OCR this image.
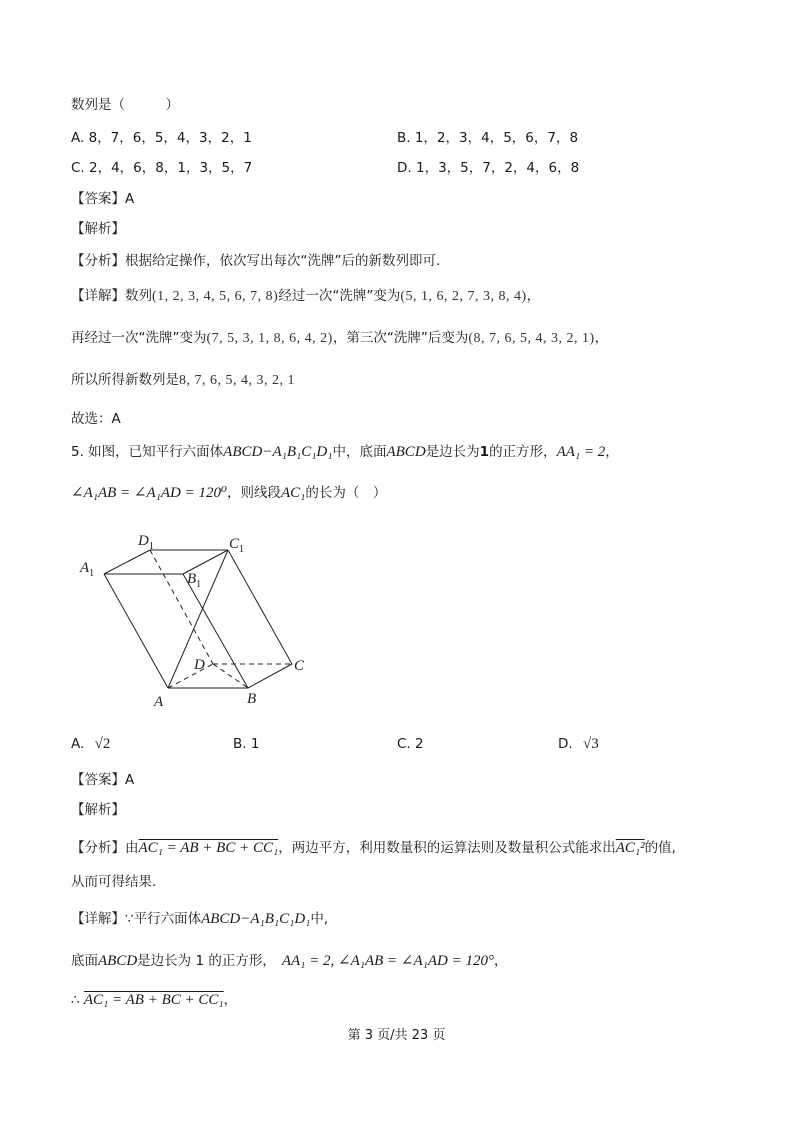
数列是（　　　）
A. 8，7，6，5，4，3，2，1	B. 1，2，3，4，5，6，7，8
C. 2，4，6，8，1，3，5，7	D. 1，3，5，7，2，4，6，8
【答案】A
【解析】
【分析】根据给定操作，依次写出每次“洗牌”后的新数列即可.
【详解】数列(1, 2, 3, 4, 5, 6, 7, 8)经过一次“洗牌”变为(5, 1, 6, 2, 7, 3, 8, 4)，
再经过一次“洗牌”变为(7, 5, 3, 1, 8, 6, 4, 2)，第三次“洗牌”后变为(8, 7, 6, 5, 4, 3, 2, 1)，
所以所得新数列是8, 7, 6, 5, 4, 3, 2, 1
故选：A
5. 如图，已知平行六面体ABCD−A₁B₁C₁D₁中，底面ABCD是边长为1的正方形，AA₁ = 2，
∠A₁AB = ∠A₁AD = 120⁰，则线段AC₁的长为（　）
$A_1$	$B_1$
$C_1$
$D_1$
A	B
C
D
A. √2	B. 1	C. 2	D. √3
【答案】A
【解析】
【分析】由AC₁ = AB + BC + CC₁，两边平方，利用数量积的运算法则及数量积公式能求出AC₁²的值,
从而可得结果.
【详解】∵平行六面体ABCD−A₁B₁C₁D₁中,
底面ABCD是边长为 1 的正方形， AA₁ = 2, ∠A₁AB = ∠A₁AD = 120°，
∴ AC₁ = AB + BC + CC₁，
第 3 页/共 23 页
